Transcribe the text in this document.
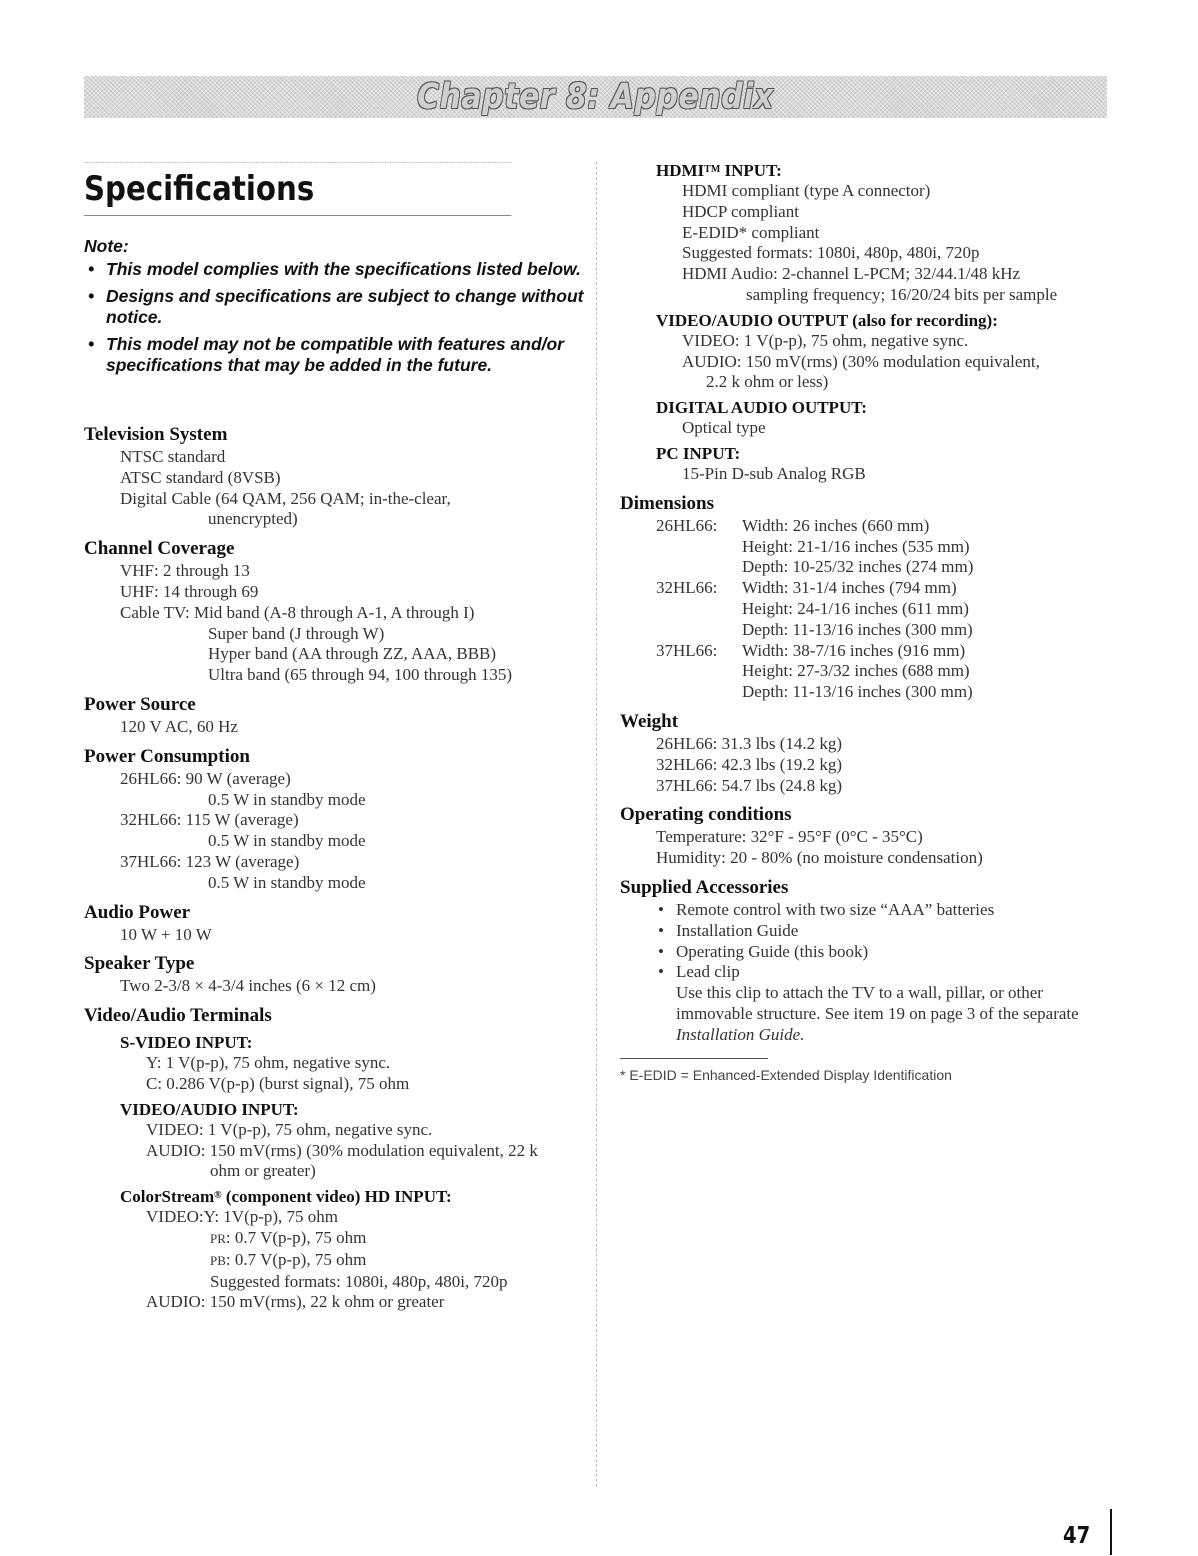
Chapter 8: Appendix
Specifications
Note:
• This model complies with the specifications listed below.
• Designs and specifications are subject to change without notice.
• This model may not be compatible with features and/or specifications that may be added in the future.
Television System
NTSC standard
ATSC standard (8VSB)
Digital Cable (64 QAM, 256 QAM; in-the-clear,
unencrypted)
Channel Coverage
VHF: 2 through 13
UHF: 14 through 69
Cable TV: Mid band (A-8 through A-1, A through I)
Super band (J through W)
Hyper band (AA through ZZ, AAA, BBB)
Ultra band (65 through 94, 100 through 135)
Power Source
120 V AC, 60 Hz
Power Consumption
26HL66: 90 W (average)
0.5 W in standby mode
32HL66: 115 W (average)
0.5 W in standby mode
37HL66: 123 W (average)
0.5 W in standby mode
Audio Power
10 W + 10 W
Speaker Type
Two 2-3/8 × 4-3/4 inches (6 × 12 cm)
Video/Audio Terminals
S-VIDEO INPUT:
Y: 1 V(p-p), 75 ohm, negative sync.
C: 0.286 V(p-p) (burst signal), 75 ohm
VIDEO/AUDIO INPUT:
VIDEO: 1 V(p-p), 75 ohm, negative sync.
AUDIO: 150 mV(rms) (30% modulation equivalent, 22 k
ohm or greater)
ColorStream® (component video) HD INPUT:
VIDEO:Y: 1V(p-p), 75 ohm
PR: 0.7 V(p-p), 75 ohm
PB: 0.7 V(p-p), 75 ohm
Suggested formats: 1080i, 480p, 480i, 720p
AUDIO: 150 mV(rms), 22 k ohm or greater
HDMI™ INPUT:
HDMI compliant (type A connector)
HDCP compliant
E-EDID* compliant
Suggested formats: 1080i, 480p, 480i, 720p
HDMI Audio: 2-channel L-PCM; 32/44.1/48 kHz
sampling frequency; 16/20/24 bits per sample
VIDEO/AUDIO OUTPUT (also for recording):
VIDEO: 1 V(p-p), 75 ohm, negative sync.
AUDIO: 150 mV(rms) (30% modulation equivalent,
2.2 k ohm or less)
DIGITAL AUDIO OUTPUT:
Optical type
PC INPUT:
15-Pin D-sub Analog RGB
Dimensions
26HL66:	Width: 26 inches (660 mm)
Height: 21-1/16 inches (535 mm)
Depth: 10-25/32 inches (274 mm)
32HL66:	Width: 31-1/4 inches (794 mm)
Height: 24-1/16 inches (611 mm)
Depth: 11-13/16 inches (300 mm)
37HL66:	Width: 38-7/16 inches (916 mm)
Height: 27-3/32 inches (688 mm)
Depth: 11-13/16 inches (300 mm)
Weight
26HL66: 31.3 lbs (14.2 kg)
32HL66: 42.3 lbs (19.2 kg)
37HL66: 54.7 lbs (24.8 kg)
Operating conditions
Temperature: 32°F - 95°F (0°C - 35°C)
Humidity: 20 - 80% (no moisture condensation)
Supplied Accessories
• Remote control with two size “AAA” batteries
• Installation Guide
• Operating Guide (this book)
• Lead clip
Use this clip to attach the TV to a wall, pillar, or other
immovable structure. See item 19 on page 3 of the separate
Installation Guide.
* E-EDID = Enhanced-Extended Display Identification
47
